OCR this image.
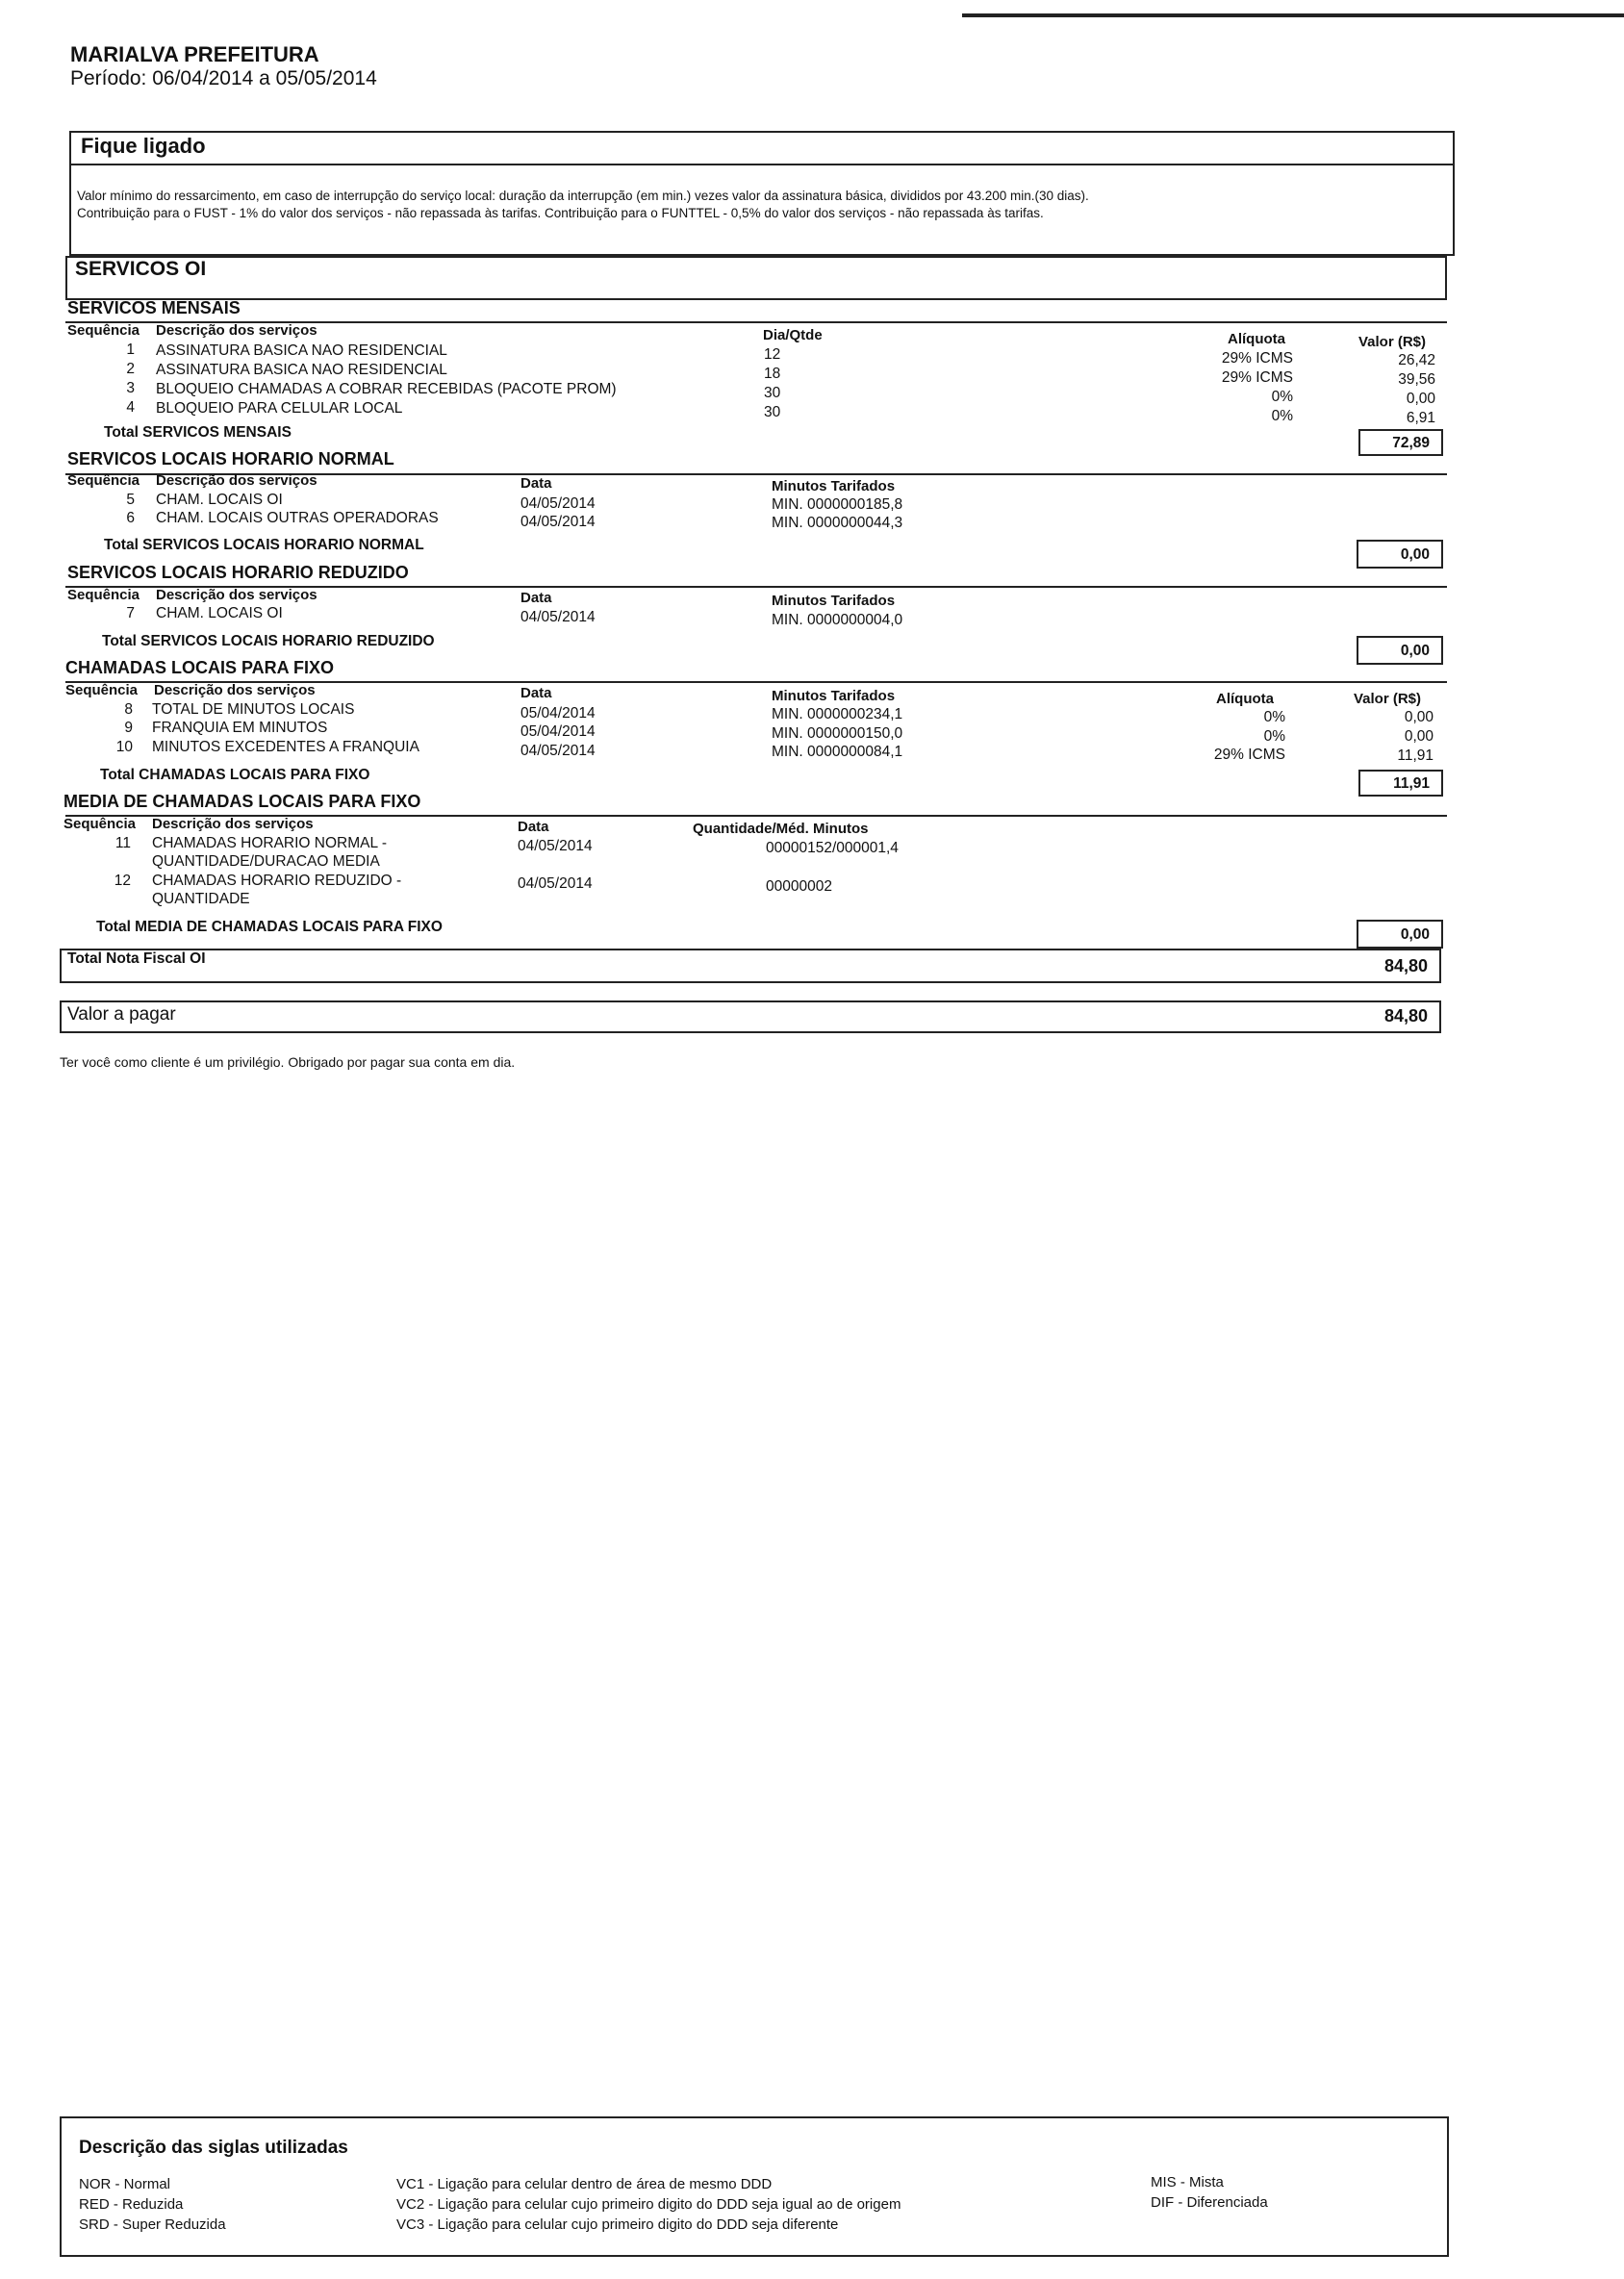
MARIALVA PREFEITURA
Período: 06/04/2014 a 05/05/2014
Fique ligado
Valor mínimo do ressarcimento, em caso de interrupção do serviço local: duração da interrupção (em min.) vezes valor da assinatura básica, divididos por 43.200 min.(30 dias).
Contribuição para o FUST - 1% do valor dos serviços - não repassada às tarifas. Contribuição para o FUNTTEL - 0,5% do valor dos serviços - não repassada às tarifas.
SERVICOS OI
SERVICOS MENSAIS
Sequência Descrição dos serviços	Dia/Qtde	Alíquota	Valor (R$)
1 ASSINATURA BASICA NAO RESIDENCIAL	12	29% ICMS	26,42
2 ASSINATURA BASICA NAO RESIDENCIAL	18	29% ICMS	39,56
3 BLOQUEIO CHAMADAS A COBRAR RECEBIDAS (PACOTE PROM)	30	0%	0,00
4 BLOQUEIO PARA CELULAR LOCAL	30	0%	6,91
Total SERVICOS MENSAIS
72,89
SERVICOS LOCAIS HORARIO NORMAL
Sequência Descrição dos serviços	Data	Minutos Tarifados
5 CHAM. LOCAIS OI	04/05/2014	MIN. 0000000185,8
6 CHAM. LOCAIS OUTRAS OPERADORAS	04/05/2014	MIN. 0000000044,3
Total SERVICOS LOCAIS HORARIO NORMAL
0,00
SERVICOS LOCAIS HORARIO REDUZIDO
Sequência Descrição dos serviços	Data	Minutos Tarifados
7 CHAM. LOCAIS OI	04/05/2014	MIN. 0000000004,0
Total SERVICOS LOCAIS HORARIO REDUZIDO
0,00
CHAMADAS LOCAIS PARA FIXO
Sequência Descrição dos serviços	Data	Minutos Tarifados	Alíquota	Valor (R$)
8 TOTAL DE MINUTOS LOCAIS	05/04/2014	MIN. 0000000234,1	0%	0,00
9 FRANQUIA EM MINUTOS	05/04/2014	MIN. 0000000150,0	0%	0,00
10 MINUTOS EXCEDENTES A FRANQUIA	04/05/2014	MIN. 0000000084,1	29% ICMS	11,91
Total CHAMADAS LOCAIS PARA FIXO
11,91
MEDIA DE CHAMADAS LOCAIS PARA FIXO
Sequência Descrição dos serviços	Data	Quantidade/Méd. Minutos
11 CHAMADAS HORARIO NORMAL -
QUANTIDADE/DURACAO MEDIA
04/05/2014	00000152/000001,4
12 CHAMADAS HORARIO REDUZIDO -
QUANTIDADE
04/05/2014	00000002
Total MEDIA DE CHAMADAS LOCAIS PARA FIXO	0,00
Total Nota Fiscal OI	84,80
Valor a pagar	84,80
Ter você como cliente é um privilégio. Obrigado por pagar sua conta em dia.
Descrição das siglas utilizadas
NOR - Normal
RED - Reduzida
SRD - Super Reduzida
VC1 - Ligação para celular dentro de área de mesmo DDD
VC2 - Ligação para celular cujo primeiro digito do DDD seja igual ao de origem
VC3 - Ligação para celular cujo primeiro digito do DDD seja diferente
MIS - Mista
DIF - Diferenciada
